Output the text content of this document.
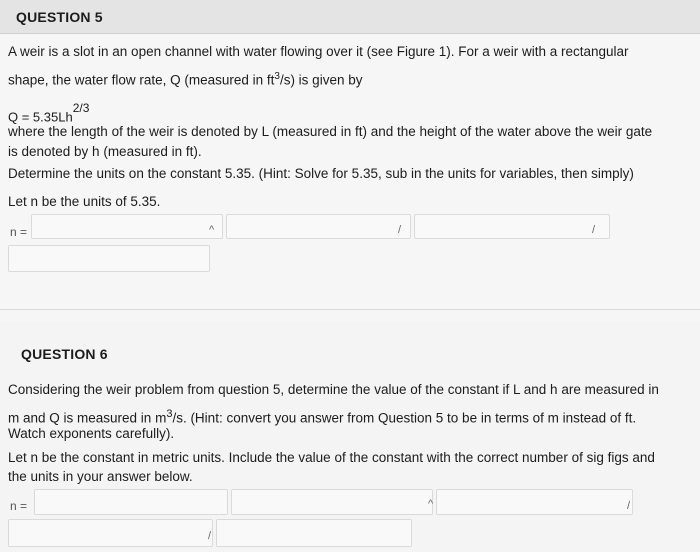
QUESTION 5
A weir is a slot in an open channel with water flowing over it (see Figure 1). For a weir with a rectangular
shape, the water flow rate, Q (measured in $ft^3/s$) is given by
$Q = 5.35Lh^{2/3}$
where the length of the weir is denoted by L (measured in ft) and the height of the water above the weir gate
is denoted by h (measured in ft).
Determine the units on the constant 5.35. (Hint: Solve for 5.35, sub in the units for variables, then simply)
Let n be the units of 5.35.
n =	^	/	/
QUESTION 6
Considering the weir problem from question 5, determine the value of the constant if L and h are measured in
m and Q is measured in $m^3/s$. (Hint: convert you answer from Question 5 to be in terms of m instead of ft.
Watch exponents carefully).
Let n be the constant in metric units. Include the value of the constant with the correct number of sig figs and
the units in your answer below.
n =	^	/
/
